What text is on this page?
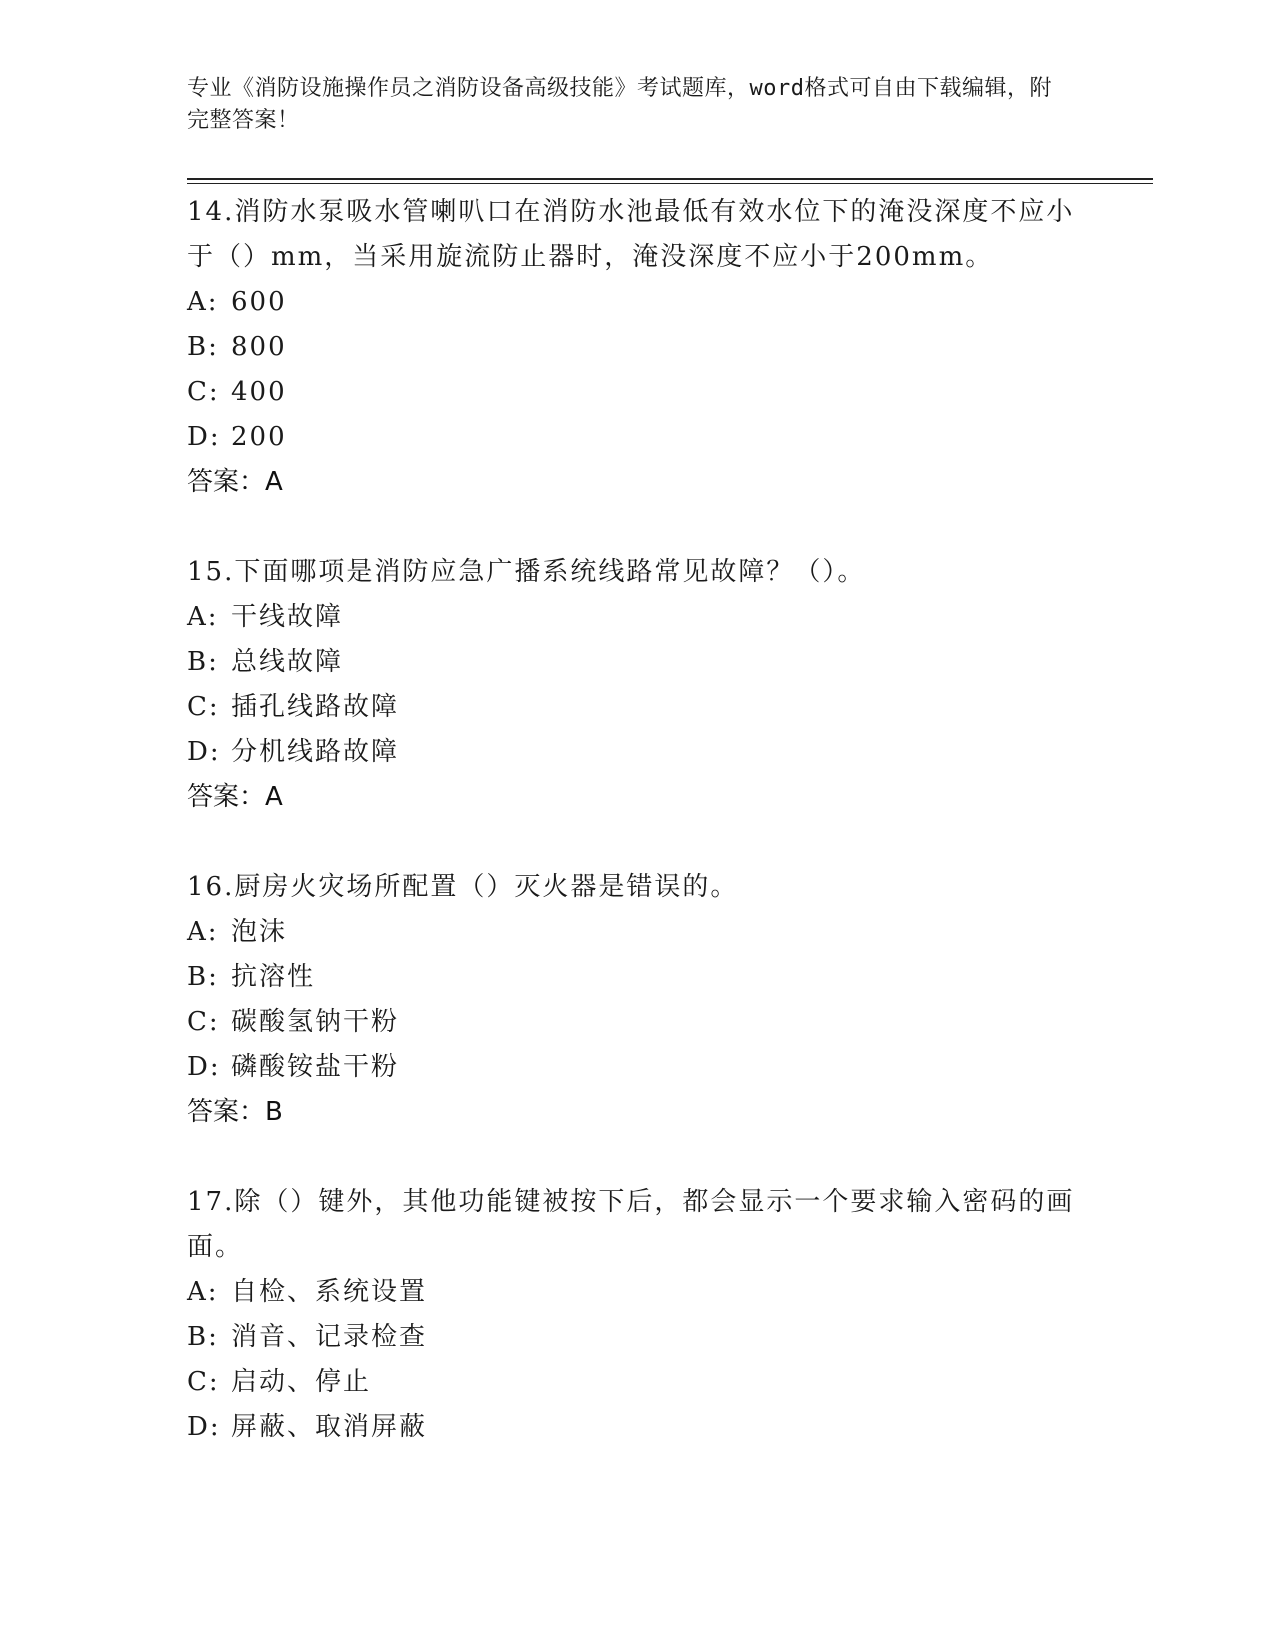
专业《消防设施操作员之消防设备高级技能》考试题库，word格式可自由下载编辑，附完整答案！

14.消防水泵吸水管喇叭口在消防水池最低有效水位下的淹没深度不应小于（）mm，当采用旋流防止器时，淹没深度不应小于200mm。

A: 600

B: 800

C: 400

D: 200

答案：A

15.下面哪项是消防应急广播系统线路常见故障？（）。

A: 干线故障

B: 总线故障

C: 插孔线路故障

D: 分机线路故障

答案：A

16.厨房火灾场所配置（）灭火器是错误的。

A: 泡沫

B: 抗溶性

C: 碳酸氢钠干粉

D: 磷酸铵盐干粉

答案：B

17.除（）键外，其他功能键被按下后，都会显示一个要求输入密码的画面。

A: 自检、系统设置

B: 消音、记录检查

C: 启动、停止

D: 屏蔽、取消屏蔽
